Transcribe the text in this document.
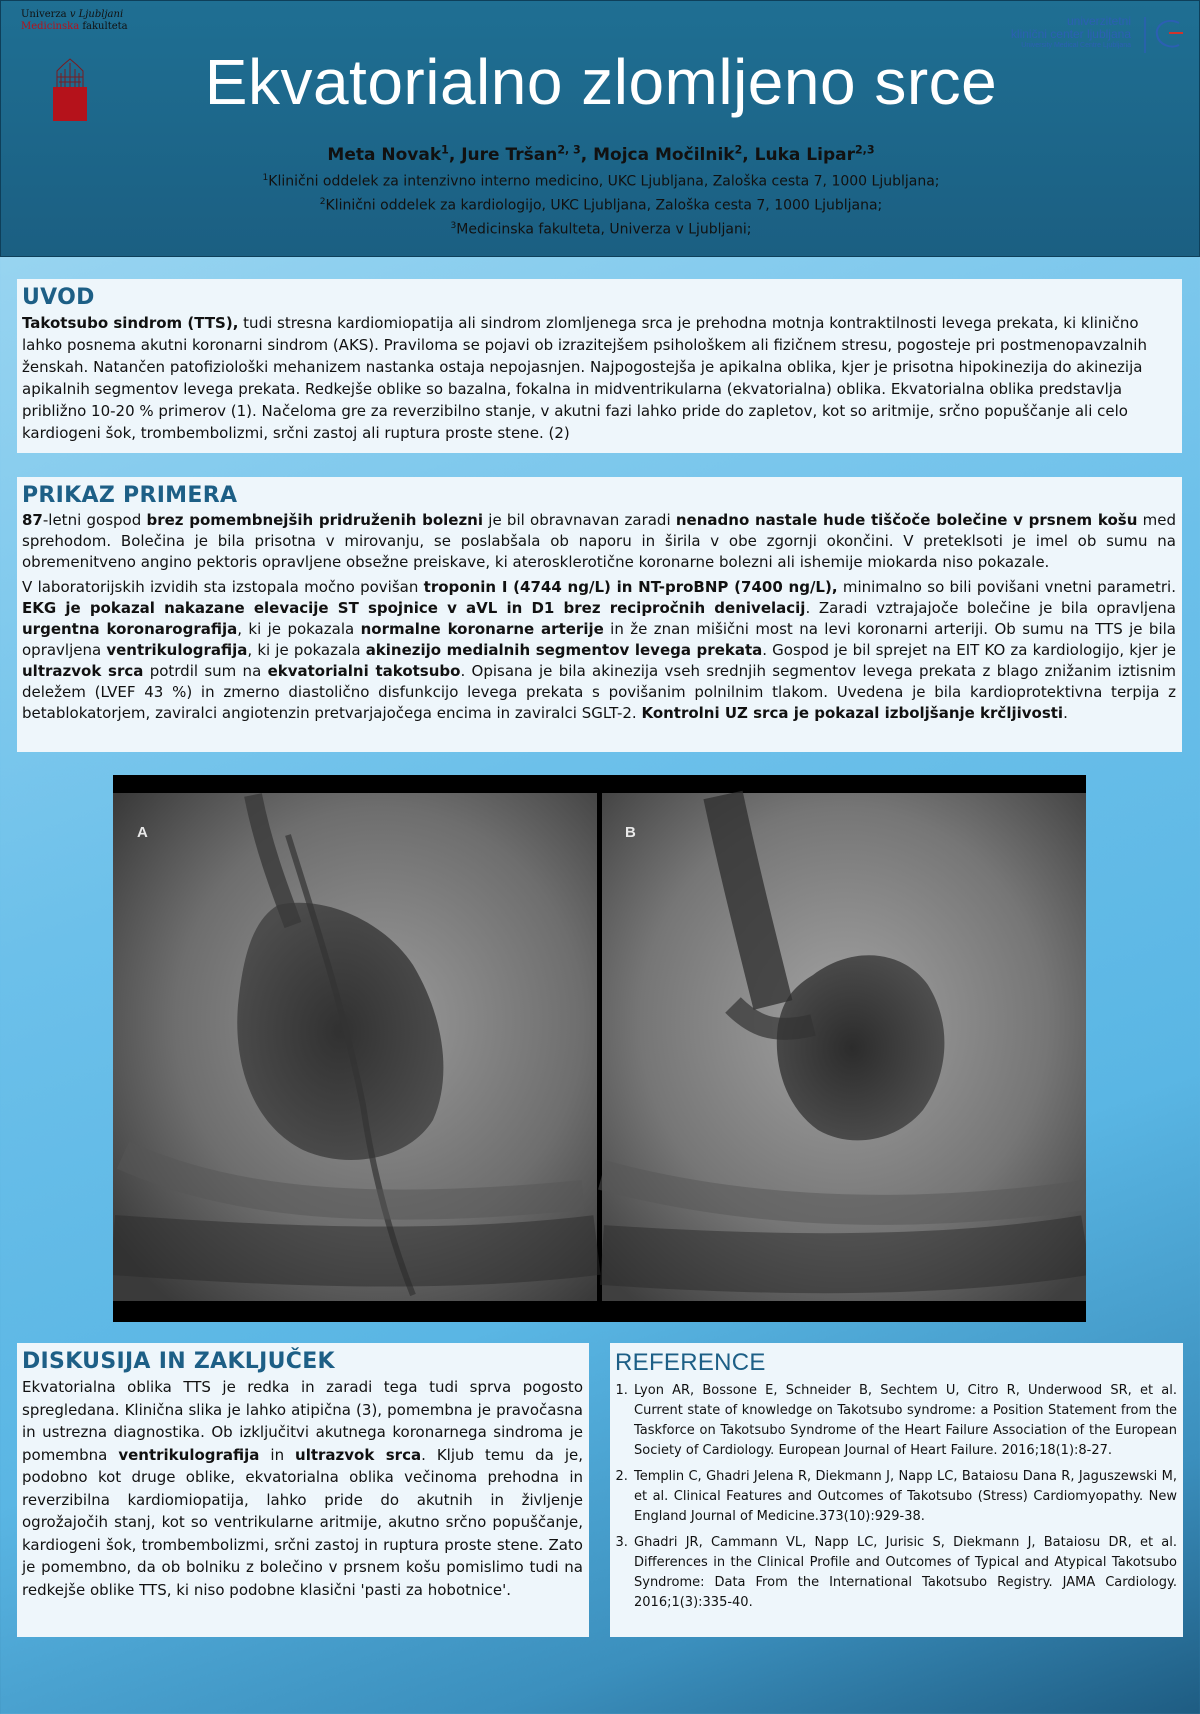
Univerza v Ljubljani
Medicinska fakulteta	univerzitetni
klinični center ljubljana
University Medical Centre Ljubljana
Ekvatorialno zlomljeno srce
Meta Novak$^1$, Jure Tršan$^{2, 3}$, Mojca Močilnik$^2$, Luka Lipar$^{2,3}$
$^1$Klinični oddelek za intenzivno interno medicino, UKC Ljubljana, Zaloška cesta 7, 1000 Ljubljana;
$^2$Klinični oddelek za kardiologijo, UKC Ljubljana, Zaloška cesta 7, 1000 Ljubljana;
$^3$Medicinska fakulteta, Univerza v Ljubljani;
UVOD

Takotsubo sindrom (TTS), tudi stresna kardiomiopatija ali sindrom zlomljenega srca je prehodna motnja kontraktilnosti levega prekata, ki klinično lahko posnema akutni koronarni sindrom (AKS). Praviloma se pojavi ob izrazitejšem psihološkem ali fizičnem stresu, pogosteje pri postmenopavzalnih ženskah. Natančen patofiziološki mehanizem nastanka ostaja nepojasnjen. Najpogostejša je apikalna oblika, kjer je prisotna hipokinezija do akinezija apikalnih segmentov levega prekata. Redkejše oblike so bazalna, fokalna in midventrikularna (ekvatorialna) oblika. Ekvatorialna oblika predstavlja približno 10-20 % primerov (1). Načeloma gre za reverzibilno stanje, v akutni fazi lahko pride do zapletov, kot so aritmije, srčno popuščanje ali celo kardiogeni šok, trombembolizmi, srčni zastoj ali ruptura proste stene. (2)

PRIKAZ PRIMERA

87-letni gospod brez pomembnejših pridruženih bolezni je bil obravnavan zaradi nenadno nastale hude tiščoče bolečine v prsnem košu med sprehodom. Bolečina je bila prisotna v mirovanju, se poslabšala ob naporu in širila v obe zgornji okončini. V preteklsoti je imel ob sumu na obremenitveno angino pektoris opravljene obsežne preiskave, ki aterosklerotične koronarne bolezni ali ishemije miokarda niso pokazale.

V laboratorijskih izvidih sta izstopala močno povišan troponin I (4744 ng/L) in NT-proBNP (7400 ng/L), minimalno so bili povišani vnetni parametri. EKG je pokazal nakazane elevacije ST spojnice v aVL in D1 brez recipročnih denivelacij. Zaradi vztrajajoče bolečine je bila opravljena urgentna koronarografija, ki je pokazala normalne koronarne arterije in že znan mišični most na levi koronarni arteriji. Ob sumu na TTS je bila opravljena ventrikulografija, ki je pokazala akinezijo medialnih segmentov levega prekata. Gospod je bil sprejet na EIT KO za kardiologijo, kjer je ultrazvok srca potrdil sum na ekvatorialni takotsubo. Opisana je bila akinezija vseh srednjih segmentov levega prekata z blago znižanim iztisnim deležem (LVEF 43 %) in zmerno diastolično disfunkcijo levega prekata s povišanim polnilnim tlakom. Uvedena je bila kardioprotektivna terpija z betablokatorjem, zaviralci angiotenzin pretvarjajočega encima in zaviralci SGLT-2. Kontrolni UZ srca je pokazal izboljšanje krčljivosti.

A	B
DISKUSIJA IN ZAKLJUČEK

Ekvatorialna oblika TTS je redka in zaradi tega tudi sprva pogosto spregledana. Klinična slika je lahko atipična (3), pomembna je pravočasna in ustrezna diagnostika. Ob izključitvi akutnega koronarnega sindroma je pomembna ventrikulografija in ultrazvok srca. Kljub temu da je, podobno kot druge oblike, ekvatorialna oblika večinoma prehodna in reverzibilna kardiomiopatija, lahko pride do akutnih in življenje ogrožajočih stanj, kot so ventrikularne aritmije, akutno srčno popuščanje, kardiogeni šok, trombembolizmi, srčni zastoj in ruptura proste stene. Zato je pomembno, da ob bolniku z bolečino v prsnem košu pomislimo tudi na redkejše oblike TTS, ki niso podobne klasični 'pasti za hobotnice'.

REFERENCE
1. Lyon AR, Bossone E, Schneider B, Sechtem U, Citro R, Underwood SR, et al. Current state of knowledge on Takotsubo syndrome: a Position Statement from the Taskforce on Takotsubo Syndrome of the Heart Failure Association of the European Society of Cardiology. European Journal of Heart Failure. 2016;18(1):8-27.
2. Templin C, Ghadri Jelena R, Diekmann J, Napp LC, Bataiosu Dana R, Jaguszewski M, et al. Clinical Features and Outcomes of Takotsubo (Stress) Cardiomyopathy. New England Journal of Medicine.373(10):929-38.
3. Ghadri JR, Cammann VL, Napp LC, Jurisic S, Diekmann J, Bataiosu DR, et al. Differences in the Clinical Profile and Outcomes of Typical and Atypical Takotsubo Syndrome: Data From the International Takotsubo Registry. JAMA Cardiology. 2016;1(3):335-40.
